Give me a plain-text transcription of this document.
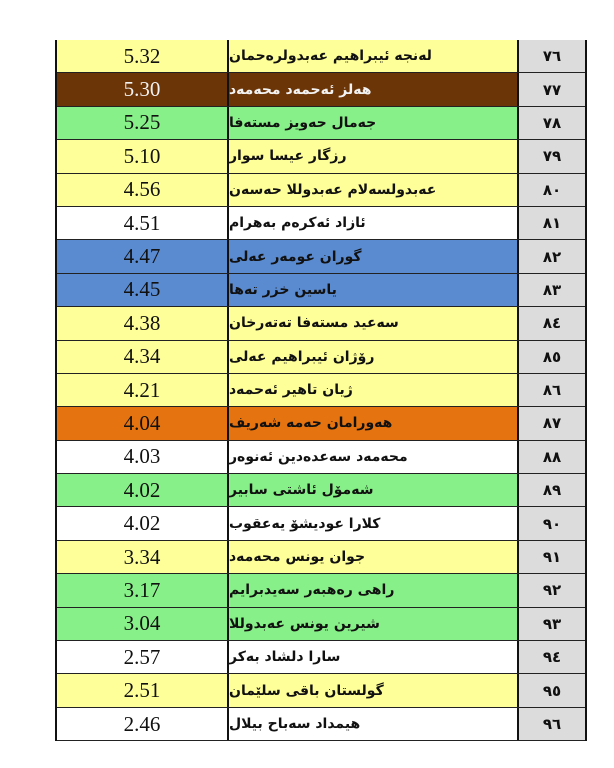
5.32	لەنجە ئیبراهیم عەبدولرەحمان	٧٦
5.30	هەلز ئەحمەد محەمەد	٧٧
5.25	جەمال حەویز مستەفا	٧٨
5.10	رزگار عیسا سوار	٧٩
4.56	عەبدولسەلام عەبدوللا حەسەن	٨٠
4.51	ئازاد ئەکرەم بەهرام	٨١
4.47	گوران عومەر عەلی	٨٢
4.45	یاسین خزر تەها	٨٣
4.38	سەعید مستەفا تەتەرخان	٨٤
4.34	رۆژان ئیبراهیم عەلی	٨٥
4.21	ژیان تاهیر ئەحمەد	٨٦
4.04	هەورامان حەمە شەریف	٨٧
4.03	محەمەد سەعدەدین ئەنوەر	٨٨
4.02	شەمۆل ئاشتی سابیر	٨٩
4.02	کلارا عودیشۆ یەعقوب	٩٠
3.34	جوان یونس محەمەد	٩١
3.17	راهی رەهبەر سەیدبرایم	٩٢
3.04	شیرین یونس عەبدوللا	٩٣
2.57	سارا دلشاد بەکر	٩٤
2.51	گولستان باقی سلێمان	٩٥
2.46	هیمداد سەباح بیلال	٩٦
